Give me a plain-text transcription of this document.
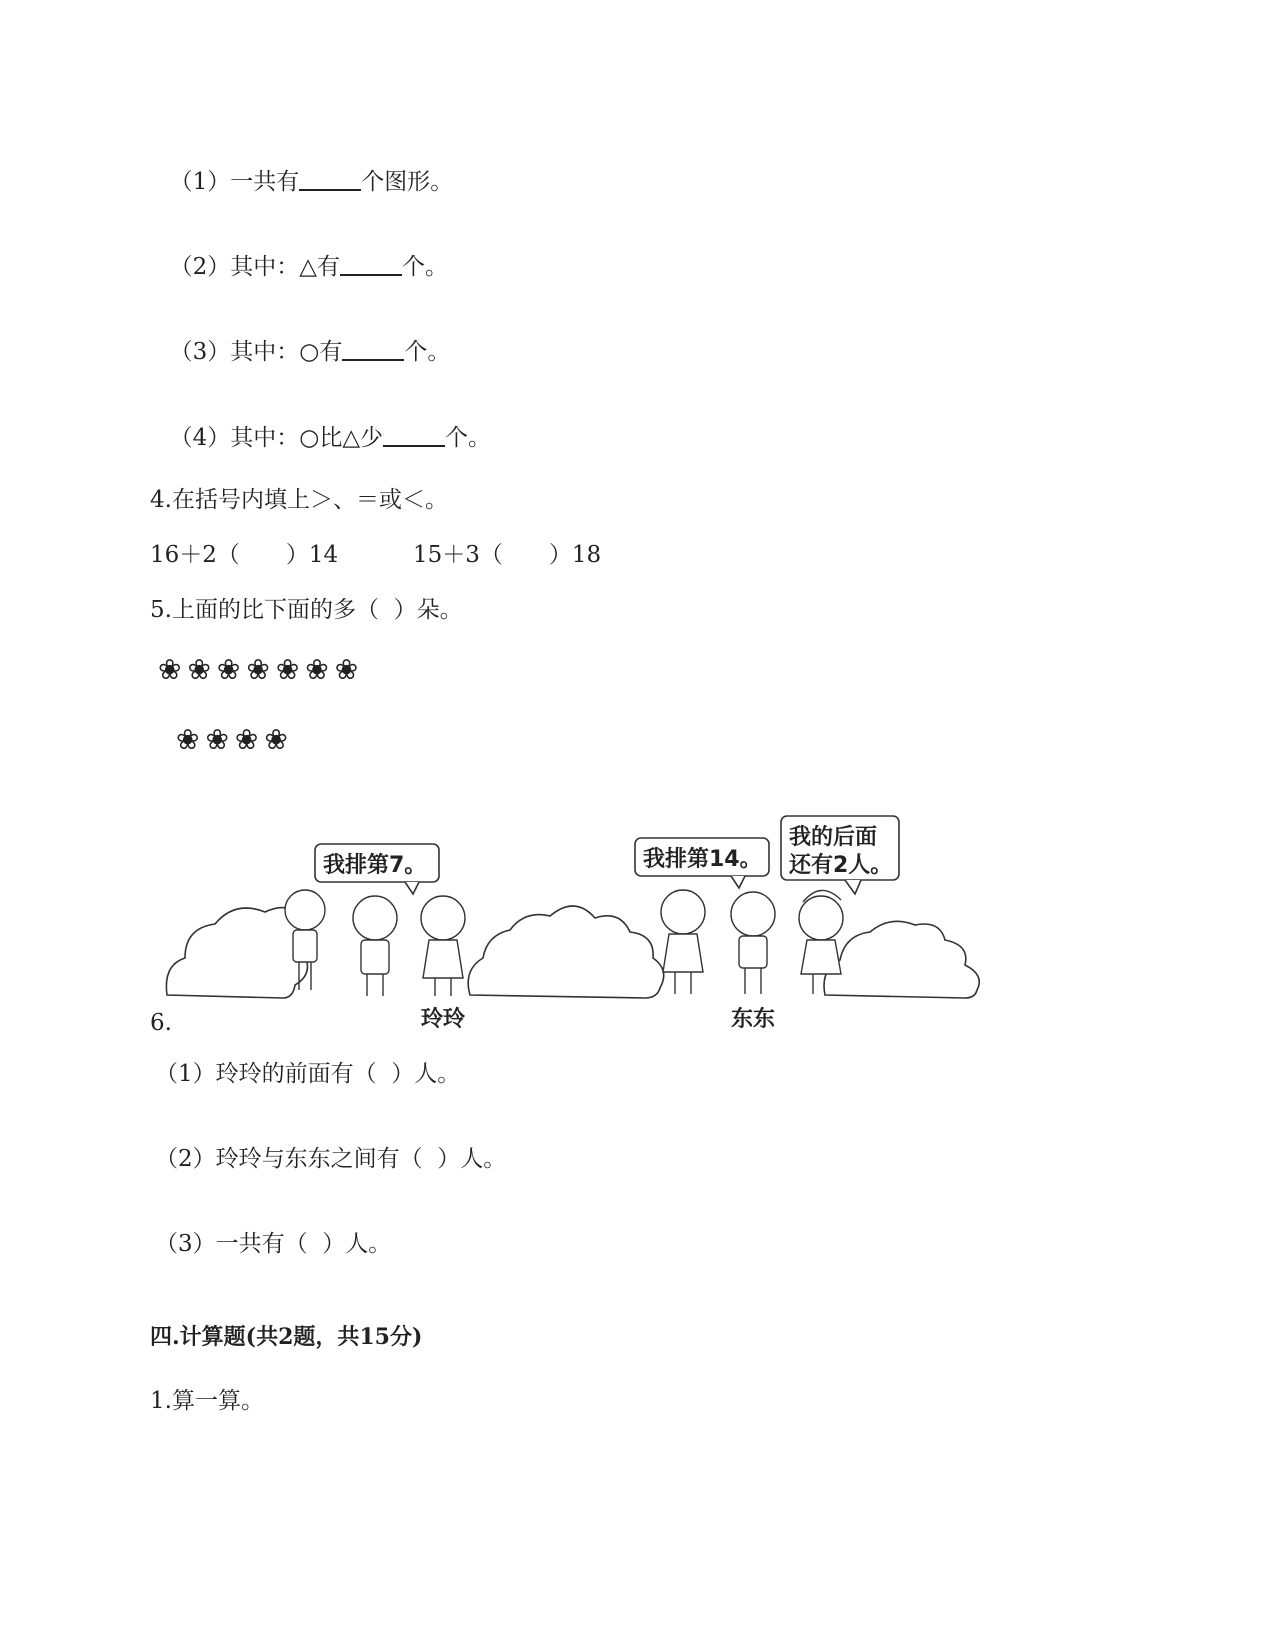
（1）一共有	个图形。

（2）其中：△有	个。

（3）其中：○有	个。

（4）其中：○比△少	个。

4.在括号内填上＞、＝或＜。
16＋2（　　）14	15＋3（　　）18
5.上面的比下面的多（  ）朵。
❀❀❀❀❀❀❀
❀❀❀❀
我排第7。	我排第14。
我的后面
还有2人。
玲玲	东东
6.
（1）玲玲的前面有（  ）人。
（2）玲玲与东东之间有（  ）人。
（3）一共有（  ）人。
四.计算题(共2题，共15分)
1.算一算。
